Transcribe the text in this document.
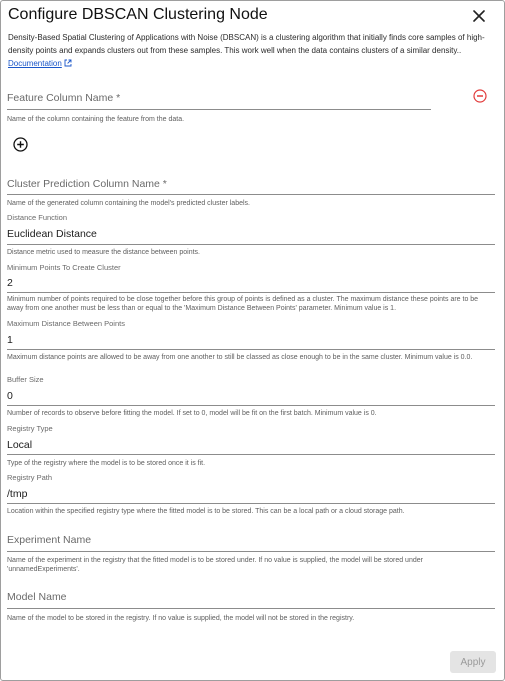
Configure DBSCAN Clustering Node
Density-Based Spatial Clustering of Applications with Noise (DBSCAN) is a clustering algorithm that initially finds core samples of high-density points and expands clusters out from these samples. This work well when the data contains clusters of a similar density.. Documentation
Feature Column Name *
Name of the column containing the feature from the data.
Cluster Prediction Column Name *
Name of the generated column containing the model's predicted cluster labels.
Distance Function
Euclidean Distance
Distance metric used to measure the distance between points.
Minimum Points To Create Cluster
2
Minimum number of points required to be close together before this group of points is defined as a cluster. The maximum distance these points are to be away from one another must be less than or equal to the 'Maximum Distance Between Points' parameter. Minimum value is 1.
Maximum Distance Between Points
1
Maximum distance points are allowed to be away from one another to still be classed as close enough to be in the same cluster. Minimum value is 0.0.
Buffer Size
0
Number of records to observe before fitting the model. If set to 0, model will be fit on the first batch. Minimum value is 0.
Registry Type
Local
Type of the registry where the model is to be stored once it is fit.
Registry Path
/tmp
Location within the specified registry type where the fitted model is to be stored. This can be a local path or a cloud storage path.
Experiment Name
Name of the experiment in the registry that the fitted model is to be stored under. If no value is supplied, the model will be stored under 'unnamedExperiments'.
Model Name
Name of the model to be stored in the registry. If no value is supplied, the model will not be stored in the registry.
Apply
